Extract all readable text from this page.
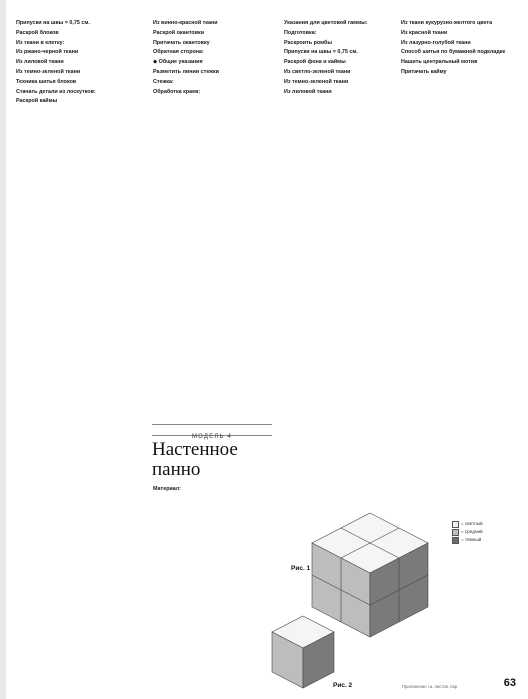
Припуски на швы = 0,75 см.

Раскрой блоков

Из ткани в клетку:

Из ржано-черной ткани

Из лиловой ткани

Из темно-зеленой ткани

Техника шитья блоков

Стачать детали из лоскутков:

Раскрой каймы

Из винно-красной ткани

Раскрой окантовки

Притачать окантовку

Обратная сторона:

◆ Общие указания

Разметить линии стежки

Стежка:

Обработка краев:

МОДЕЛЬ 4
Настенное панно
Материал:

Указания для цветовой гаммы:

Подготовка:

Раскроить ромбы

Припуски на швы = 0,75 см.

Раскрой фона и каймы

Из светло-зеленой ткани

Из темно-зеленой ткани

Из лиловой ткани

Из ткани кукурузно-желтого цвета

Из красной ткани

Из лазурно-голубой ткани

Способ шитья по бумажной подкладке

Нашить центральный мотив

Притачать кайму

Рис. 1
Рис. 2
= светлый
= средний
= тёмный
Приложение г.а. листов. пар.	63
